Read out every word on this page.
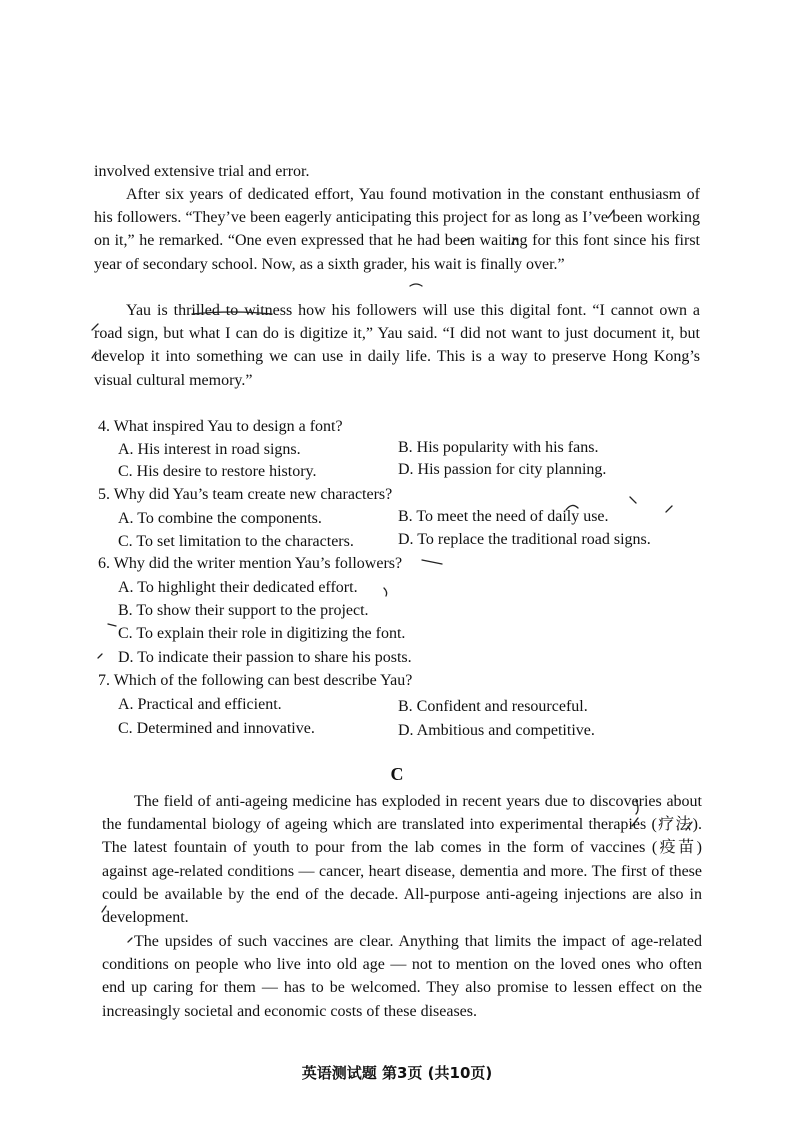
involved extensive trial and error.

After six years of dedicated effort, Yau found motivation in the constant enthusiasm of his followers. “They’ve been eagerly anticipating this project for as long as I’ve been working on it,” he remarked. “One even expressed that he had been waiting for this font since his first year of secondary school. Now, as a sixth grader, his wait is finally over.”

Yau is thrilled to witness how his followers will use this digital font. “I cannot own a road sign, but what I can do is digitize it,” Yau said. “I did not want to just document it, but develop it into something we can use in daily life. This is a way to preserve Hong Kong’s visual cultural memory.”

4. What inspired Yau to design a font?

A. His interest in road signs.	B. His popularity with his fans.

C. His desire to restore history.	D. His passion for city planning.

5. Why did Yau’s team create new characters?

A. To combine the components.	B. To meet the need of daily use.

C. To set limitation to the characters.	D. To replace the traditional road signs.

6. Why did the writer mention Yau’s followers?

A. To highlight their dedicated effort.

B. To show their support to the project.

C. To explain their role in digitizing the font.

D. To indicate their passion to share his posts.

7. Which of the following can best describe Yau?

A. Practical and efficient.	B. Confident and resourceful.

C. Determined and innovative.	D. Ambitious and competitive.

C

The field of anti-ageing medicine has exploded in recent years due to discoveries about the fundamental biology of ageing which are translated into experimental therapies (疗法). The latest fountain of youth to pour from the lab comes in the form of vaccines (疫苗) against age-related conditions — cancer, heart disease, dementia and more. The first of these could be available by the end of the decade. All-purpose anti-ageing injections are also in development.

The upsides of such vaccines are clear. Anything that limits the impact of age-related conditions on people who live into old age — not to mention on the loved ones who often end up caring for them — has to be welcomed. They also promise to lessen effect on the increasingly societal and economic costs of these diseases.

英语测试题 第3页 (共10页)
